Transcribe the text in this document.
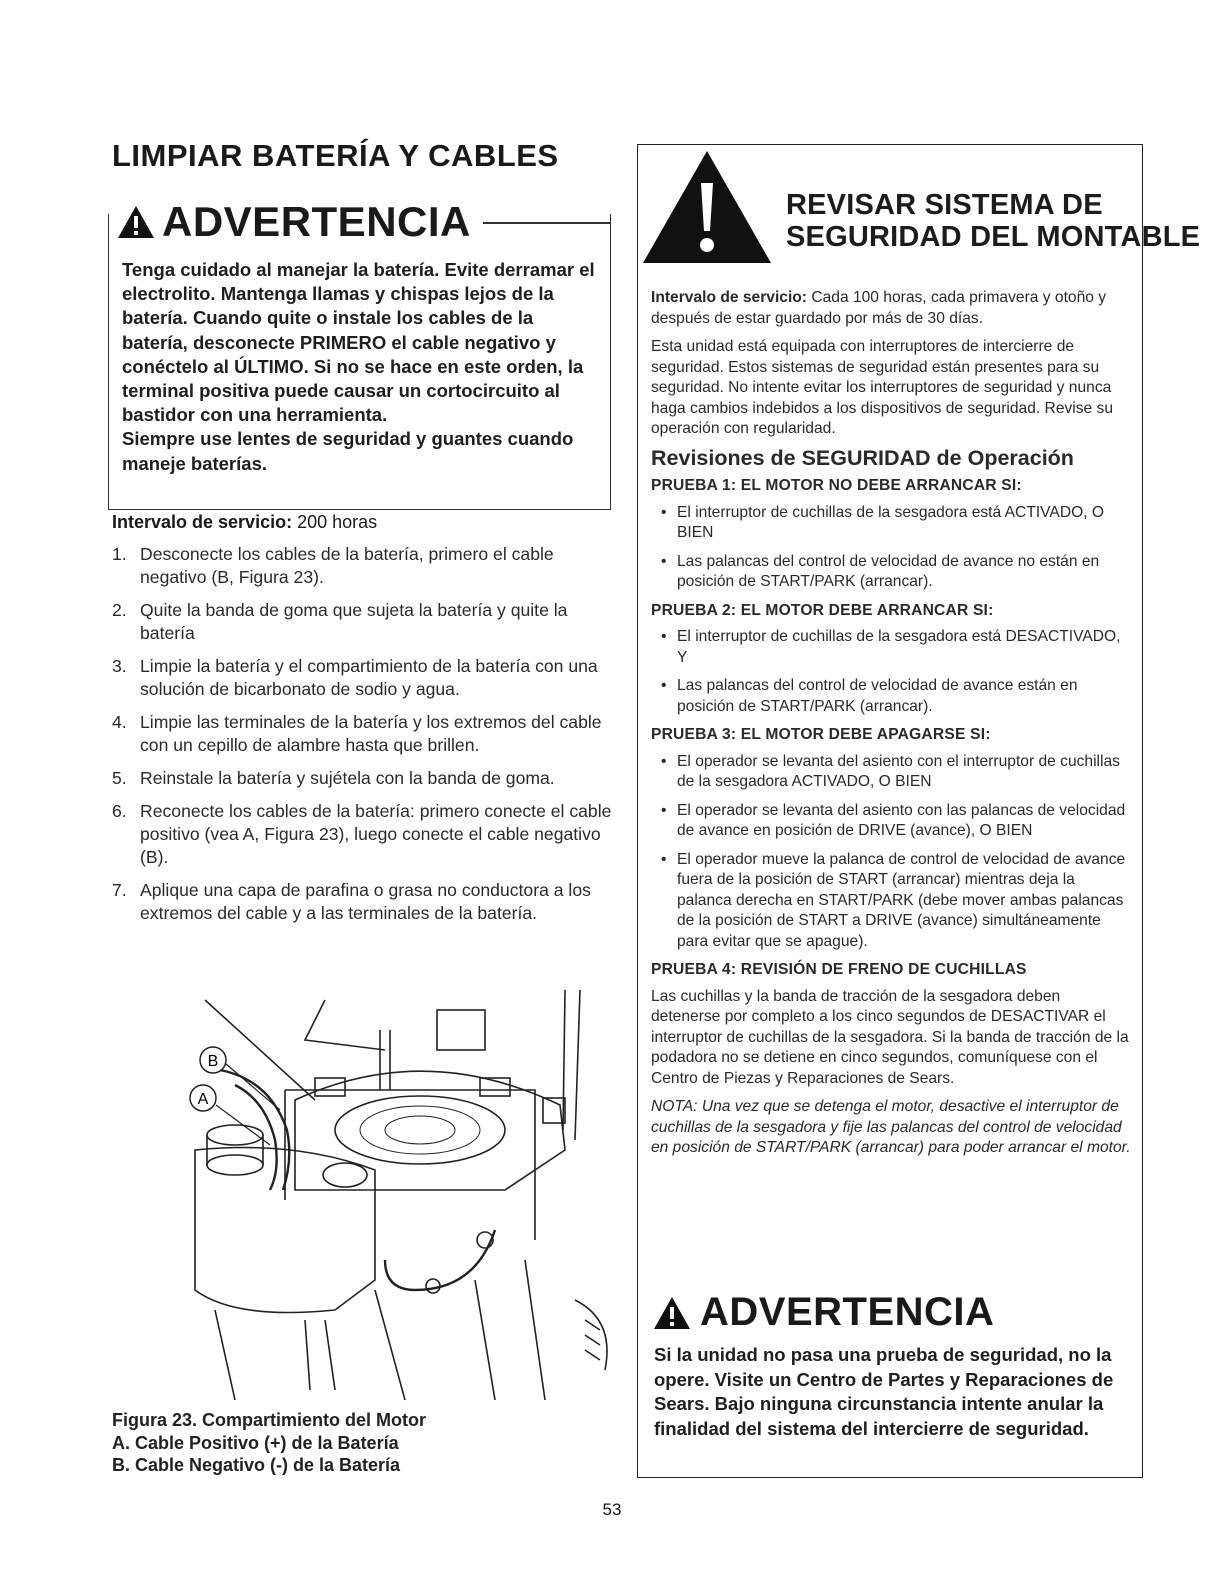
LIMPIAR BATERÍA Y CABLES
ADVERTENCIA

Tenga cuidado al manejar la batería. Evite derramar el electrolito. Mantenga llamas y chispas lejos de la batería. Cuando quite o instale los cables de la batería, desconecte PRIMERO el cable negativo y conéctelo al ÚLTIMO. Si no se hace en este orden, la terminal positiva puede causar un cortocircuito al bastidor con una herramienta.

Siempre use lentes de seguridad y guantes cuando maneje baterías.

Intervalo de servicio: 200 horas
1. Desconecte los cables de la batería, primero el cable negativo (B, Figura 23).
2. Quite la banda de goma que sujeta la batería y quite la batería
3. Limpie la batería y el compartimiento de la batería con una solución de bicarbonato de sodio y agua.
4. Limpie las terminales de la batería y los extremos del cable con un cepillo de alambre hasta que brillen.
5. Reinstale la batería y sujétela con la banda de goma.
6. Reconecte los cables de la batería: primero conecte el cable positivo (vea A, Figura 23), luego conecte el cable negativo (B).
7. Aplique una capa de parafina o grasa no conductora a los extremos del cable y a las terminales de la batería.
B
A
Figura 23. Compartimiento del Motor
A. Cable Positivo (+) de la Batería
B. Cable Negativo (-) de la Batería
REVISAR SISTEMA DE
SEGURIDAD DEL MONTABLE

Intervalo de servicio: Cada 100 horas, cada primavera y otoño y después de estar guardado por más de 30 días.

Esta unidad está equipada con interruptores de intercierre de seguridad. Estos sistemas de seguridad están presentes para su seguridad. No intente evitar los interruptores de seguridad y nunca haga cambios indebidos a los dispositivos de seguridad. Revise su operación con regularidad.

Revisiones de SEGURIDAD de Operación
PRUEBA 1: EL MOTOR NO DEBE ARRANCAR SI:
• El interruptor de cuchillas de la sesgadora está ACTIVADO, O BIEN
• Las palancas del control de velocidad de avance no están en posición de START/PARK (arrancar).
PRUEBA 2: EL MOTOR DEBE ARRANCAR SI:
• El interruptor de cuchillas de la sesgadora está DESACTIVADO, Y
• Las palancas del control de velocidad de avance están en posición de START/PARK (arrancar).
PRUEBA 3: EL MOTOR DEBE APAGARSE SI:
• El operador se levanta del asiento con el interruptor de cuchillas de la sesgadora ACTIVADO, O BIEN
• El operador se levanta del asiento con las palancas de velocidad de avance en posición de DRIVE (avance), O BIEN
• El operador mueve la palanca de control de velocidad de avance fuera de la posición de START (arrancar) mientras deja la palanca derecha en START/PARK (debe mover ambas palancas de la posición de START a DRIVE (avance) simultáneamente para evitar que se apague).
PRUEBA 4: REVISIÓN DE FRENO DE CUCHILLAS

Las cuchillas y la banda de tracción de la sesgadora deben detenerse por completo a los cinco segundos de DESACTIVAR el interruptor de cuchillas de la sesgadora. Si la banda de tracción de la podadora no se detiene en cinco segundos, comuníquese con el Centro de Piezas y Reparaciones de Sears.

NOTA: Una vez que se detenga el motor, desactive el interruptor de cuchillas de la sesgadora y fije las palancas del control de velocidad en posición de START/PARK (arrancar) para poder arrancar el motor.

ADVERTENCIA
Si la unidad no pasa una prueba de seguridad, no la opere. Visite un Centro de Partes y Reparaciones de Sears. Bajo ninguna circunstancia intente anular la finalidad del sistema del intercierre de seguridad.
53
